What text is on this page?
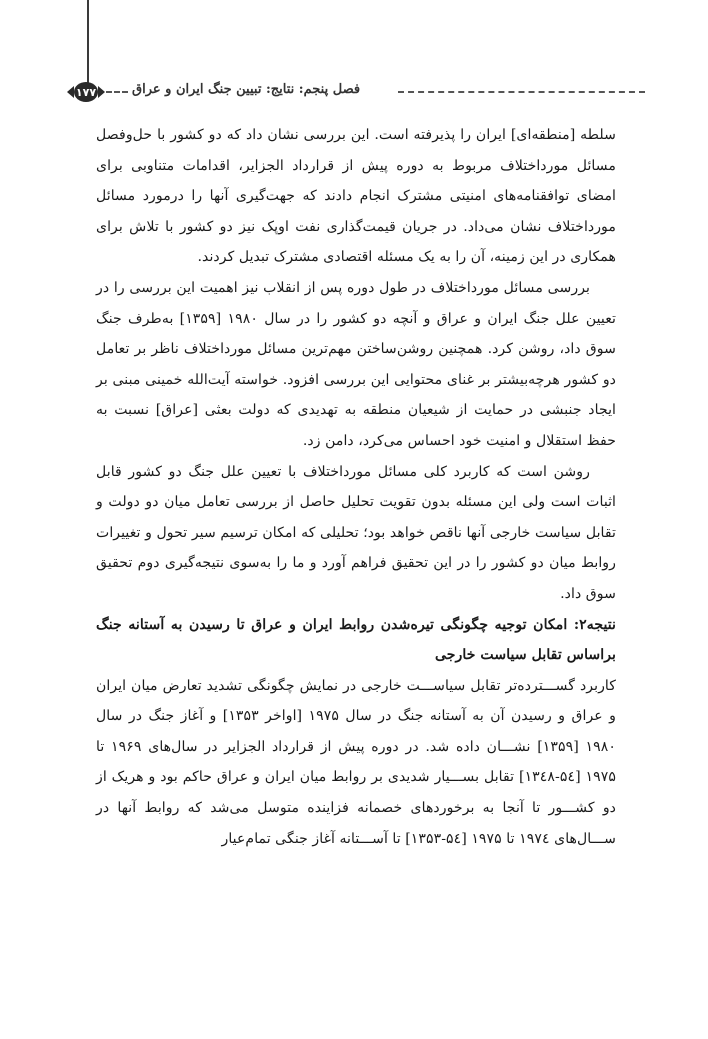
۱۷۷	فصل پنجم: نتایج: تبیین جنگ ایران و عراق

سلطه [منطقه‌ای] ایران را پذیرفته است. این بررسی نشان داد که دو کشور با حل‌وفصل مسائل مورداختلاف مربوط به دوره پیش از قرارداد الجزایر، اقدامات متناوبی برای امضای توافقنامه‌های امنیتی مشترک انجام دادند که جهت‌گیری آنها را درمورد مسائل مورداختلاف نشان می‌داد. در جریان قیمت‌گذاری نفت اوپک نیز دو کشور با تلاش برای همکاری در این زمینه، آن را به یک مسئله اقتصادی مشترک تبدیل کردند.

بررسی مسائل مورداختلاف در طول دوره پس از انقلاب نیز اهمیت این بررسی را در تعیین علل جنگ ایران و عراق و آنچه دو کشور را در سال ۱۹۸۰ [۱۳۵۹] به‌طرف جنگ سوق داد، روشن کرد. همچنین روشن‌ساختن مهم‌ترین مسائل مورداختلاف ناظر بر تعامل دو کشور هرچه‌بیشتر بر غنای محتوایی این بررسی افزود. خواسته آیت‌الله خمینی مبنی بر ایجاد جنبشی در حمایت از شیعیان منطقه به تهدیدی که دولت بعثی [عراق] نسبت به حفظ استقلال و امنیت خود احساس می‌کرد، دامن زد.

روشن است که کاربرد کلی مسائل مورداختلاف با تعیین علل جنگ دو کشور قابل اثبات است ولی این مسئله بدون تقویت تحلیل حاصل از بررسی تعامل میان دو دولت و تقابل سیاست خارجی آنها ناقص خواهد بود؛ تحلیلی که امکان ترسیم سیر تحول و تغییرات روابط میان دو کشور را در این تحقیق فراهم آورد و ما را به‌سوی نتیجه‌گیری دوم تحقیق سوق داد.

نتیجه۲: امکان توجیه چگونگی تیره‌شدن روابط ایران و عراق تا رسیدن به آستانه جنگ براساس تقابل سیاست خارجی

کاربرد گســـترده‌تر تقابل سیاســـت خارجی در نمایش چگونگی تشدید تعارض میان ایران و عراق و رسیدن آن به آستانه جنگ در سال ۱۹۷۵ [اواخر ۱۳۵۳] و آغاز جنگ در سال ۱۹۸۰ [۱۳۵۹] نشـــان داده شد. در دوره پیش از قرارداد الجزایر در سال‌های ۱۹۶۹ تا ۱۹۷۵ [۵٤-۱۳٤۸] تقابل بســـیار شدیدی بر روابط میان ایران و عراق حاکم بود و هریک از دو کشـــور تا آنجا به برخوردهای خصمانه فزاینده متوسل می‌شد که روابط آنها در ســـال‌های ۱۹۷٤ تا ۱۹۷۵ [۵٤-۱۳۵۳] تا آســـتانه آغاز جنگی تمام‌عیار
